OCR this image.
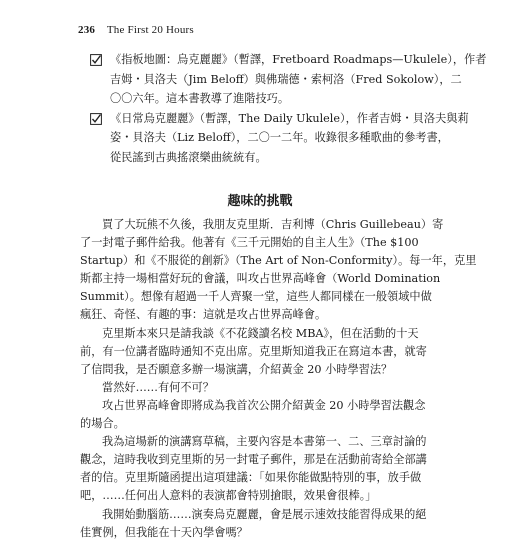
236 The First 20 Hours
《指板地圖：烏克麗麗》（暫譯，Fretboard Roadmaps—Ukulele），作者
吉姆・貝洛夫（Jim Beloff）與佛瑞德・索柯洛（Fred Sokolow），二
〇〇六年。這本書教導了進階技巧。
《日常烏克麗麗》（暫譯，The Daily Ukulele），作者吉姆・貝洛夫與莉
姿・貝洛夫（Liz Beloff），二〇一二年。收錄很多種歌曲的參考書，
從民謠到古典搖滾樂曲統統有。
趣味的挑戰
買了大玩熊不久後，我朋友克里斯．吉利博（Chris Guillebeau）寄
了一封電子郵件給我。他著有《三千元開始的自主人生》（The $100
Startup）和《不服從的創新》（The Art of Non-Conformity）。每一年，克里
斯都主持一場相當好玩的會議，叫攻占世界高峰會（World Domination
Summit）。想像有超過一千人齊聚一堂，這些人都同樣在一般領域中做
瘋狂、奇怪、有趣的事：這就是攻占世界高峰會。
克里斯本來只是請我談《不花錢讀名校 MBA》，但在活動的十天
前，有一位講者臨時通知不克出席。克里斯知道我正在寫這本書，就寄
了信問我，是否願意多辦一場演講，介紹黃金 20 小時學習法？
當然好……有何不可？
攻占世界高峰會即將成為我首次公開介紹黃金 20 小時學習法觀念
的場合。
我為這場新的演講寫草稿，主要內容是本書第一、二、三章討論的
觀念，這時我收到克里斯的另一封電子郵件，那是在活動前寄給全部講
者的信。克里斯隨函提出這項建議：「如果你能做點特別的事，放手做
吧，……任何出人意料的表演都會特別搶眼，效果會很棒。」
我開始動腦筋……演奏烏克麗麗，會是展示速效技能習得成果的絕
佳實例，但我能在十天內學會嗎？
